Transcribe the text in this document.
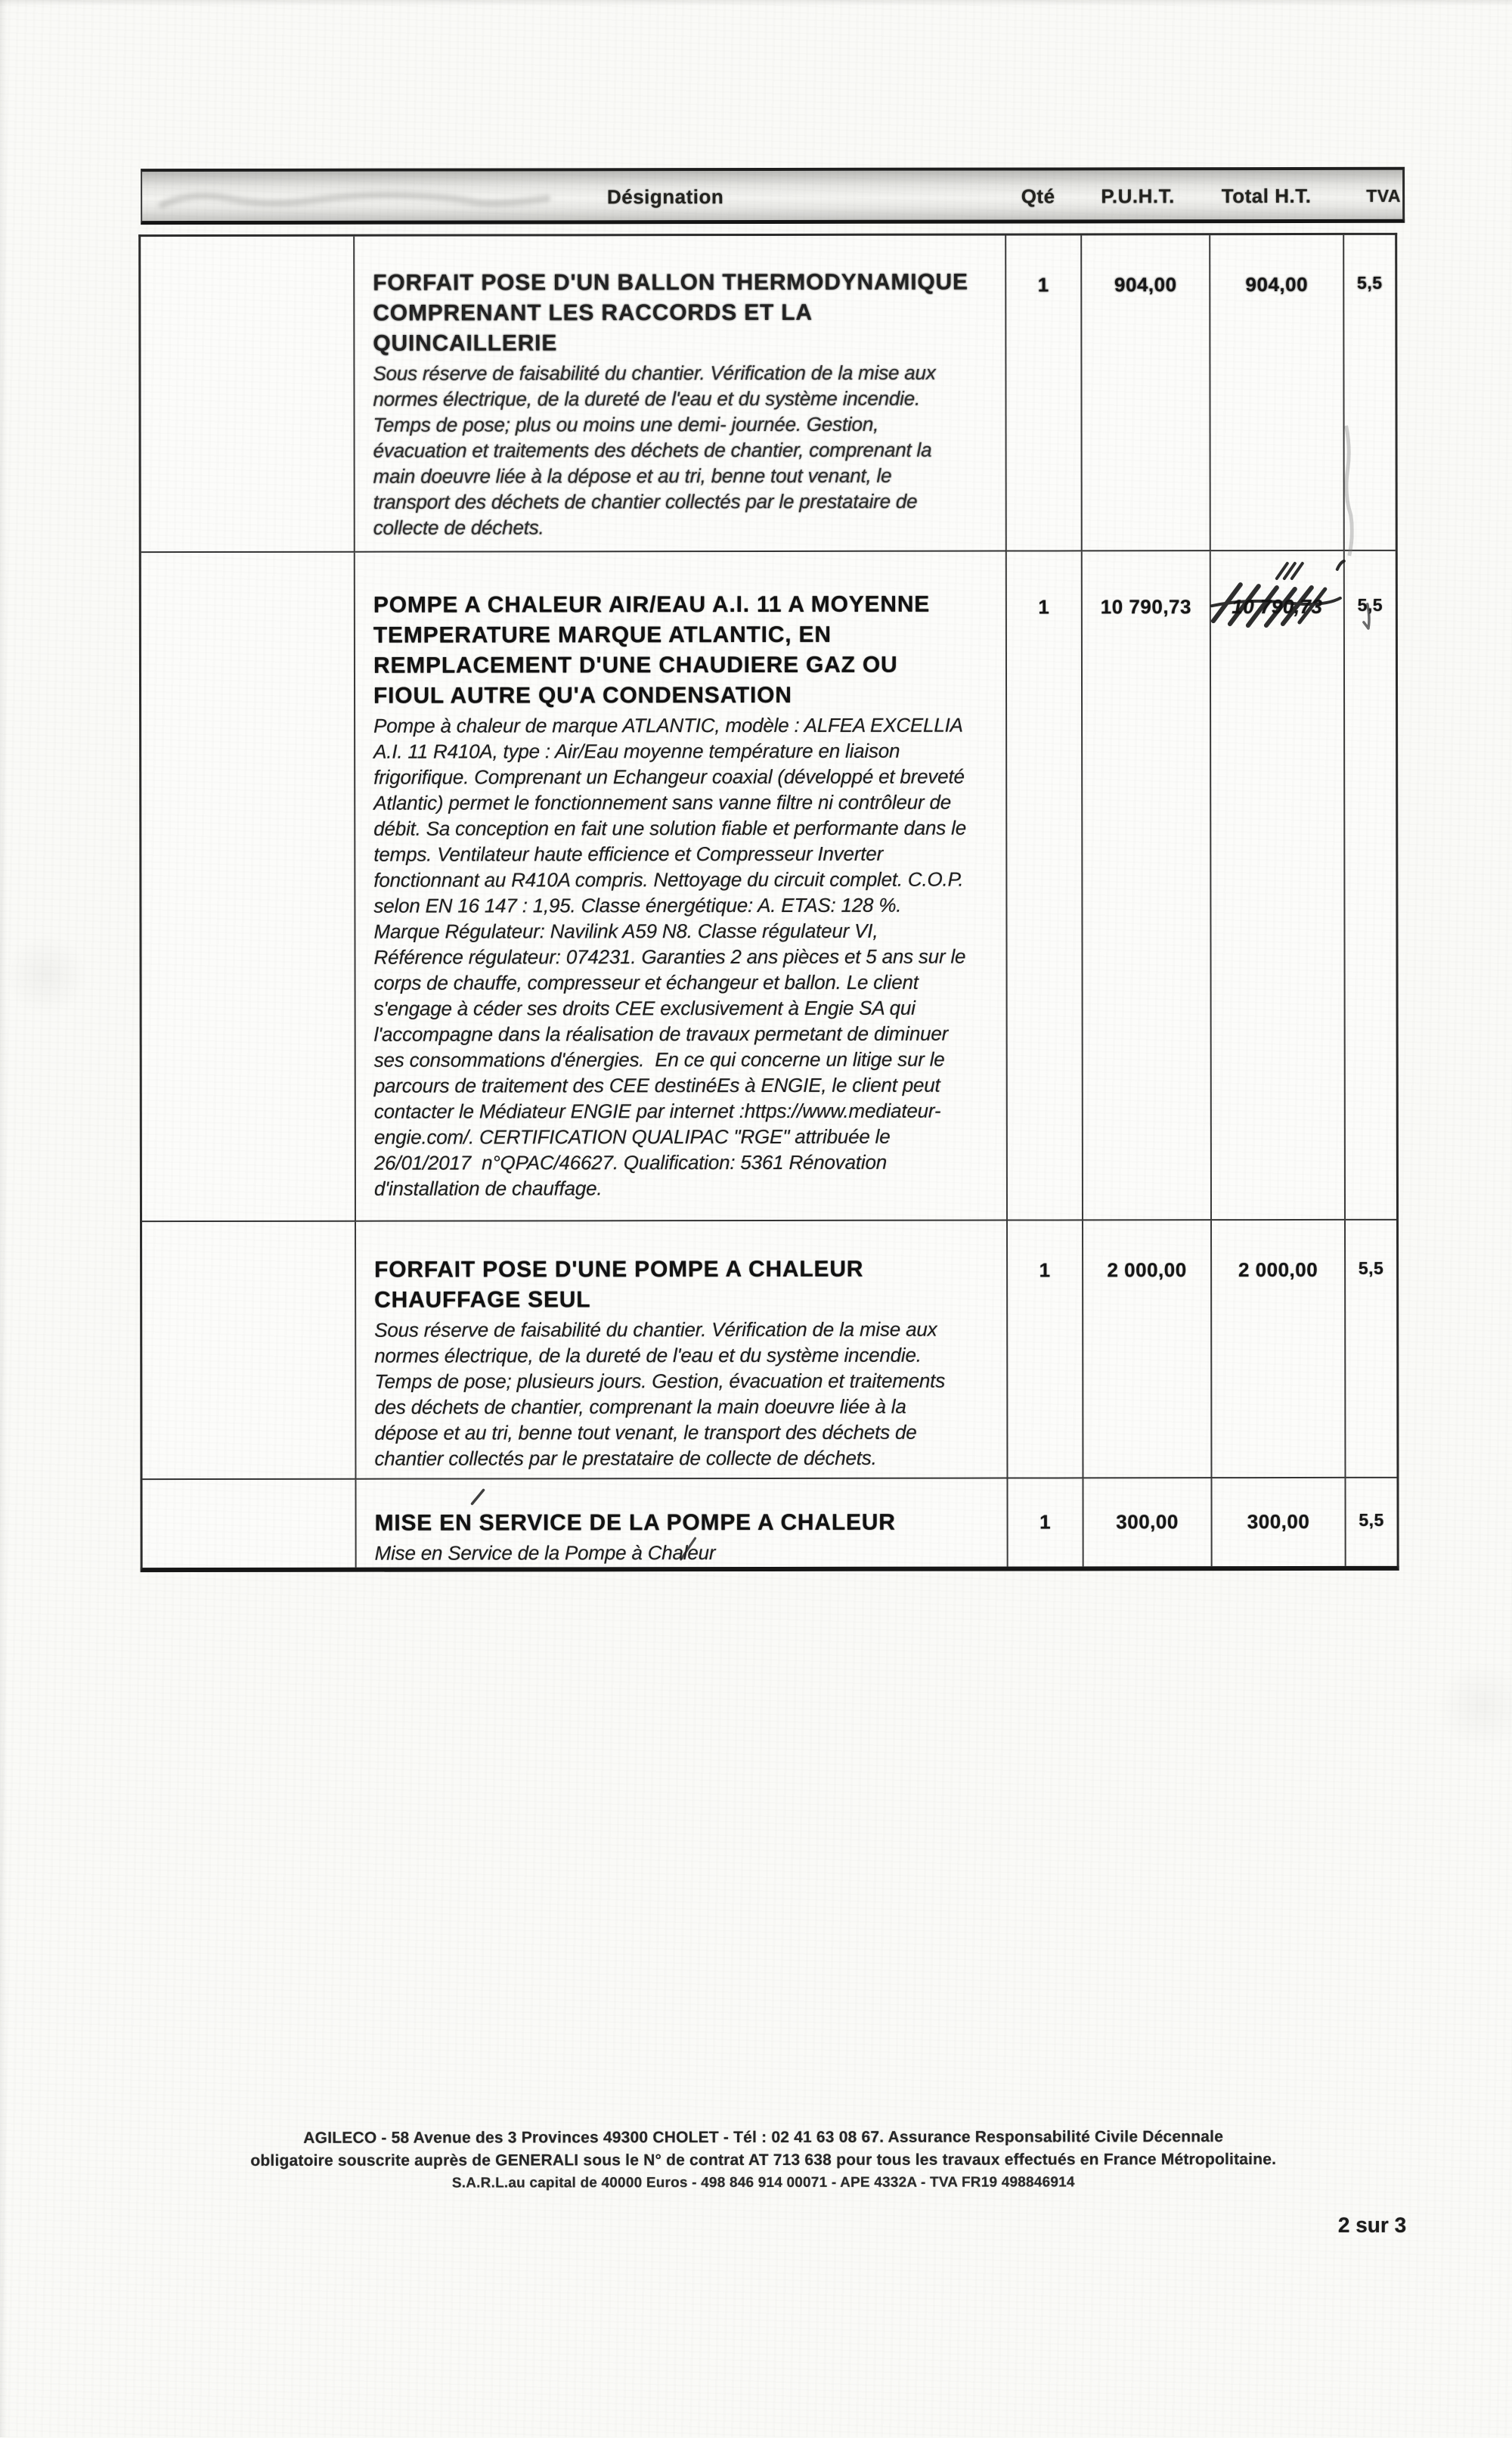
Désignation	Qté	P.U.H.T.	Total H.T.	TVA
FORFAIT POSE D'UN BALLON THERMODYNAMIQUE
COMPRENANT LES RACCORDS ET LA
QUINCAILLERIE
Sous réserve de faisabilité du chantier. Vérification de la mise aux
normes électrique, de la dureté de l'eau et du système incendie.
Temps de pose; plus ou moins une demi- journée. Gestion,
évacuation et traitements des déchets de chantier, comprenant la
main doeuvre liée à la dépose et au tri, benne tout venant, le
transport des déchets de chantier collectés par le prestataire de
collecte de déchets.
1	904,00	904,00	5,5
POMPE A CHALEUR AIR/EAU A.I. 11 A MOYENNE
TEMPERATURE MARQUE ATLANTIC, EN
REMPLACEMENT D'UNE CHAUDIERE GAZ OU
FIOUL AUTRE QU'A CONDENSATION
Pompe à chaleur de marque ATLANTIC, modèle : ALFEA EXCELLIA
A.I. 11 R410A, type : Air/Eau moyenne température en liaison
frigorifique. Comprenant un Echangeur coaxial (développé et breveté
Atlantic) permet le fonctionnement sans vanne filtre ni contrôleur de
débit. Sa conception en fait une solution fiable et performante dans le
temps. Ventilateur haute efficience et Compresseur Inverter
fonctionnant au R410A compris. Nettoyage du circuit complet. C.O.P.
selon EN 16 147 : 1,95. Classe énergétique: A. ETAS: 128 %.
Marque Régulateur: Navilink A59 N8. Classe régulateur VI,
Référence régulateur: 074231. Garanties 2 ans pièces et 5 ans sur le
corps de chauffe, compresseur et échangeur et ballon. Le client
s'engage à céder ses droits CEE exclusivement à Engie SA qui
l'accompagne dans la réalisation de travaux permetant de diminuer
ses consommations d'énergies.  En ce qui concerne un litige sur le
parcours de traitement des CEE destinéEs à ENGIE, le client peut
contacter le Médiateur ENGIE par internet :https://www.mediateur-
engie.com/. CERTIFICATION QUALIPAC "RGE" attribuée le
26/01/2017  n°QPAC/46627. Qualification: 5361 Rénovation
d'installation de chauffage.
1	10 790,73	10 790,73	5,5
FORFAIT POSE D'UNE POMPE A CHALEUR
CHAUFFAGE SEUL
Sous réserve de faisabilité du chantier. Vérification de la mise aux
normes électrique, de la dureté de l'eau et du système incendie.
Temps de pose; plusieurs jours. Gestion, évacuation et traitements
des déchets de chantier, comprenant la main doeuvre liée à la
dépose et au tri, benne tout venant, le transport des déchets de
chantier collectés par le prestataire de collecte de déchets.
1	2 000,00	2 000,00	5,5
MISE EN SERVICE DE LA POMPE A CHALEUR
Mise en Service de la Pompe à Chaleur
1	300,00	300,00	5,5
AGILECO - 58 Avenue des 3 Provinces 49300 CHOLET - Tél : 02 41 63 08 67. Assurance Responsabilité Civile Décennale
obligatoire souscrite auprès de GENERALI sous le N° de contrat AT 713 638 pour tous les travaux effectués en France Métropolitaine.
S.A.R.L.au capital de 40000 Euros - 498 846 914 00071 - APE 4332A - TVA FR19 498846914
2 sur 3
